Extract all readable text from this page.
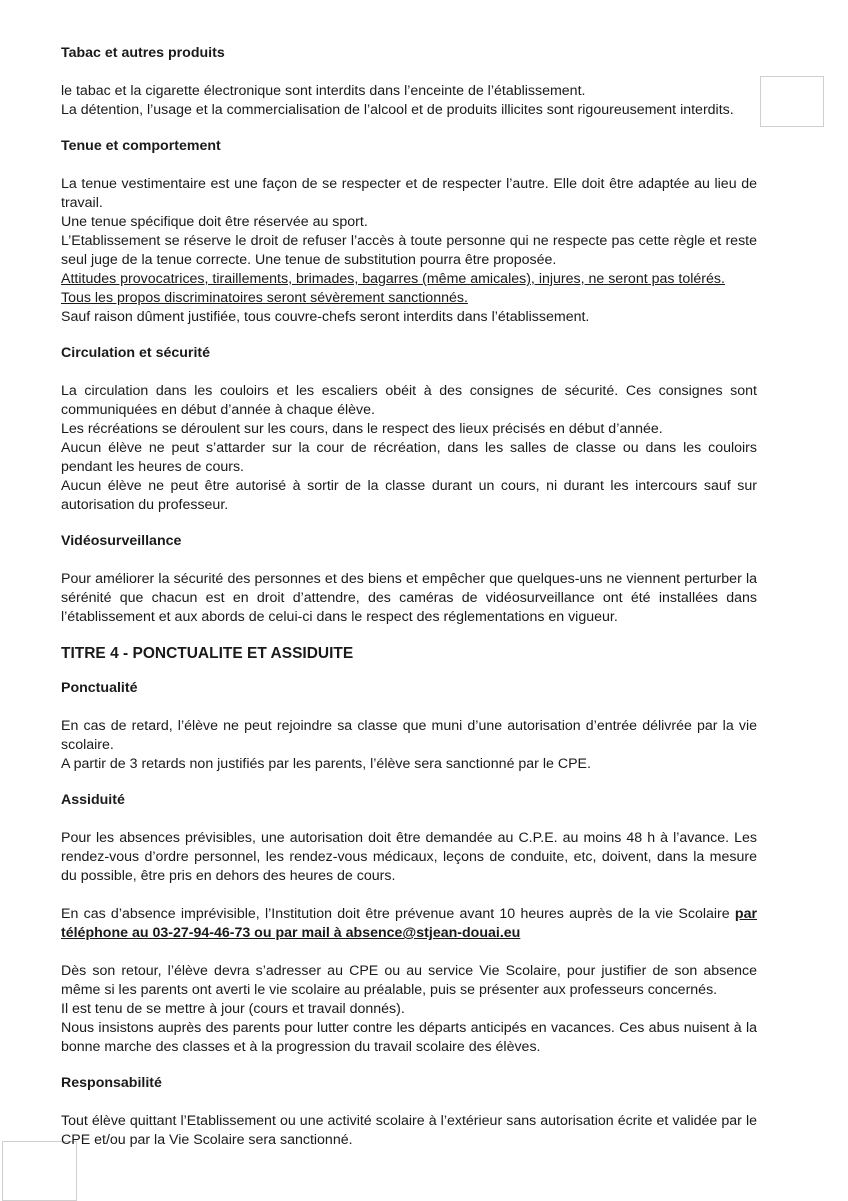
Tabac et autres produits

le tabac et la cigarette électronique sont interdits dans l’enceinte de l’établissement.

La détention, l’usage et la commercialisation de l’alcool et de produits illicites sont rigoureusement interdits.

Tenue et comportement

La tenue vestimentaire est une façon de se respecter et de respecter l’autre. Elle doit être adaptée au lieu de travail.

Une tenue spécifique doit être réservée au sport.

L’Etablissement se réserve le droit de refuser l’accès à toute personne qui ne respecte pas cette règle et reste seul juge de la tenue correcte. Une tenue de substitution pourra être proposée.

Attitudes provocatrices, tiraillements, brimades, bagarres (même amicales), injures, ne seront pas tolérés.

Tous les propos discriminatoires seront sévèrement sanctionnés.

Sauf raison dûment justifiée, tous couvre-chefs seront interdits dans l’établissement.

Circulation et sécurité

La circulation dans les couloirs et les escaliers obéit à des consignes de sécurité. Ces consignes sont communiquées en début d’année à chaque élève.

Les récréations se déroulent sur les cours, dans le respect des lieux précisés en début d’année.

Aucun élève ne peut s’attarder sur la cour de récréation, dans les salles de classe ou dans les couloirs pendant les heures de cours.

Aucun élève ne peut être autorisé à sortir de la classe durant un cours, ni durant les intercours sauf sur autorisation du professeur.

Vidéosurveillance

Pour améliorer la sécurité des personnes et des biens et empêcher que quelques-uns ne viennent perturber la sérénité que chacun est en droit d’attendre, des caméras de vidéosurveillance ont été installées dans l’établissement et aux abords de celui-ci dans le respect des réglementations en vigueur.

TITRE 4 - PONCTUALITE ET ASSIDUITE

Ponctualité

En cas de retard, l’élève ne peut rejoindre sa classe que muni d’une autorisation d’entrée délivrée par la vie scolaire.

A partir de 3 retards non justifiés par les parents, l’élève sera sanctionné par le CPE.

Assiduité

Pour les absences prévisibles, une autorisation doit être demandée au C.P.E. au moins 48 h à l’avance. Les rendez-vous d’ordre personnel, les rendez-vous médicaux, leçons de conduite, etc, doivent, dans la mesure du possible, être pris en dehors des heures de cours.

En cas d’absence imprévisible, l’Institution doit être prévenue avant 10 heures auprès de la vie Scolaire par téléphone au 03-27-94-46-73 ou par mail à absence@stjean-douai.eu

Dès son retour, l’élève devra s’adresser au CPE ou au service Vie Scolaire, pour justifier de son absence même si les parents ont averti le vie scolaire au préalable, puis se présenter aux professeurs concernés.

Il est tenu de se mettre à jour (cours et travail donnés).

Nous insistons auprès des parents pour lutter contre les départs anticipés en vacances. Ces abus nuisent à la bonne marche des classes et à la progression du travail scolaire des élèves.

Responsabilité

Tout élève quittant l’Etablissement ou une activité scolaire à l’extérieur sans autorisation écrite et validée par le CPE et/ou par la Vie Scolaire sera sanctionné.
